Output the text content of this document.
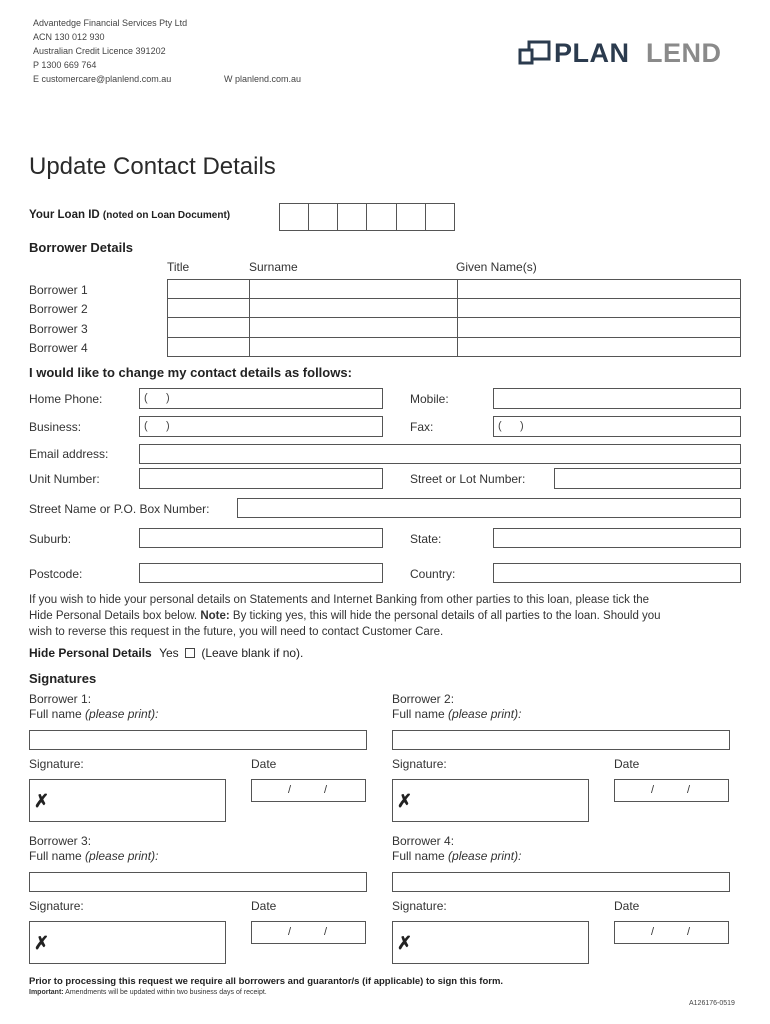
Advantedge Financial Services Pty Ltd
ACN 130 012 930
Australian Credit Licence 391202
P 1300 669 764
E customercare@planlend.com.au	W planlend.com.au
PLAN LEND
Update Contact Details
Your Loan ID (noted on Loan Document)
Borrower Details
Title	Surname	Given Name(s)
Borrower 1
Borrower 2
Borrower 3
Borrower 4
I would like to change my contact details as follows:
Home Phone:	(      )	Mobile:
Business:	(      )	Fax:	(      )
Email address:
Unit Number:	Street or Lot Number:
Street Name or P.O. Box Number:
Suburb:	State:
Postcode:	Country:
If you wish to hide your personal details on Statements and Internet Banking from other parties to this loan, please tick the
Hide Personal Details box below. Note: By ticking yes, this will hide the personal details of all parties to the loan. Should you
wish to reverse this request in the future, you will need to contact Customer Care.
Hide Personal Details Yes (Leave blank if no).
Signatures
Borrower 1:
Full name (please print):
Signature:	Date
✗
/	/
Borrower 2:
Full name (please print):
Signature:	Date
✗
/	/
Borrower 3:
Full name (please print):
Signature:	Date
✗
/	/
Borrower 4:
Full name (please print):
Signature:	Date
✗
/	/
Prior to processing this request we require all borrowers and guarantor/s (if applicable) to sign this form.
Important: Amendments will be updated within two business days of receipt.
A126176-0519
